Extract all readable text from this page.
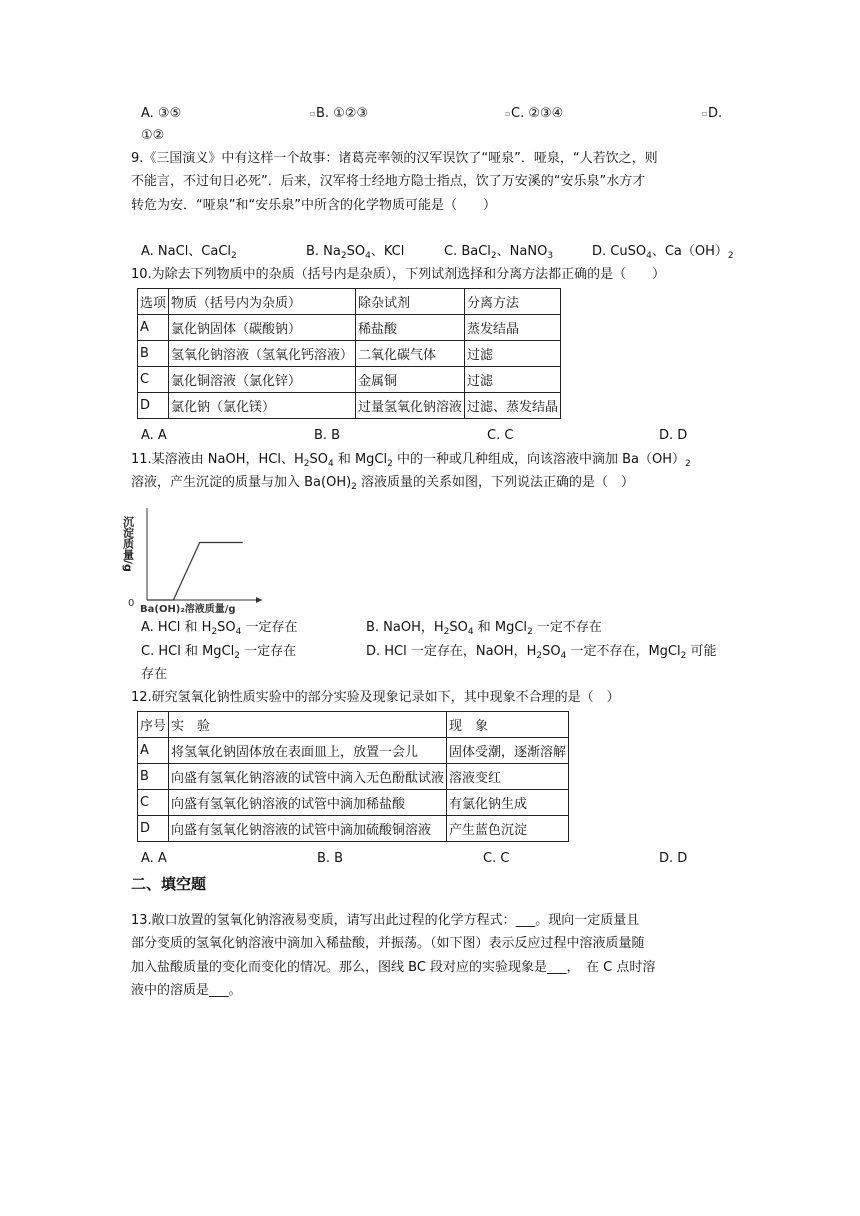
A. ③⑤	▫ B. ①②③	▫ C. ②③④	▫ D.
①②
9.《三国演义》中有这样一个故事：诸葛亮率领的汉军误饮了“哑泉”．哑泉，“人若饮之，则
不能言，不过旬日必死”．后来，汉军将士经地方隐士指点，饮了万安溪的“安乐泉”水方才
转危为安．“哑泉”和“安乐泉”中所含的化学物质可能是（　　）
A. NaCl、CaCl$_2$	B. $Na_2SO_4$、KCl	C. BaCl$_2$、NaNO$_3$	D. CuSO$_4$、$Ca(OH)_2$
10.为除去下列物质中的杂质（括号内是杂质），下列试剂选择和分离方法都正确的是（　　）
选项	物质（括号内为杂质）	除杂试剂	分离方法
A	氯化钠固体（碳酸钠）	稀盐酸	蒸发结晶
B	氢氧化钠溶液（氢氧化钙溶液）	二氧化碳气体	过滤
C	氯化铜溶液（氯化锌）	金属铜	过滤
D	氯化钠（氯化镁）	过量氢氧化钠溶液	过滤、蒸发结晶
A. A	B. B	C. C	D. D
11.某溶液由 NaOH，HCl、$H_2SO_4$ 和 MgCl$_2$ 中的一种或几种组成，向该溶液中滴加 $Ba(OH)_2$
溶液，产生沉淀的质量与加入 $Ba(OH)_2$ 溶液质量的关系如图，下列说法正确的是（　）
沉淀质量/g
0
Ba(OH)₂溶液质量/g
A. HCl 和 $H_2SO_4$ 一定存在	B. NaOH，$H_2SO_4$ 和 MgCl$_2$ 一定不存在
C. HCl 和 MgCl$_2$ 一定存在	D. HCl 一定存在，NaOH，$H_2SO_4$ 一定不存在，MgCl$_2$ 可能
存在
12.研究氢氧化钠性质实验中的部分实验及现象记录如下，其中现象不合理的是（　）
序号	实　验	现　象
A	将氢氧化钠固体放在表面皿上，放置一会儿	固体受潮，逐渐溶解
B	向盛有氢氧化钠溶液的试管中滴入无色酚酞试液	溶液变红
C	向盛有氢氧化钠溶液的试管中滴加稀盐酸	有氯化钠生成
D	向盛有氢氧化钠溶液的试管中滴加硫酸铜溶液	产生蓝色沉淀
A. A	B. B	C. C	D. D
二、填空题
13.敞口放置的氢氧化钠溶液易变质，请写出此过程的化学方程式：___。现向一定质量且
部分变质的氢氧化钠溶液中滴加入稀盐酸，并振荡。（如下图）表示反应过程中溶液质量随
加入盐酸质量的变化而变化的情况。那么，图线 BC 段对应的实验现象是___，　在 C 点时溶
液中的溶质是___。
